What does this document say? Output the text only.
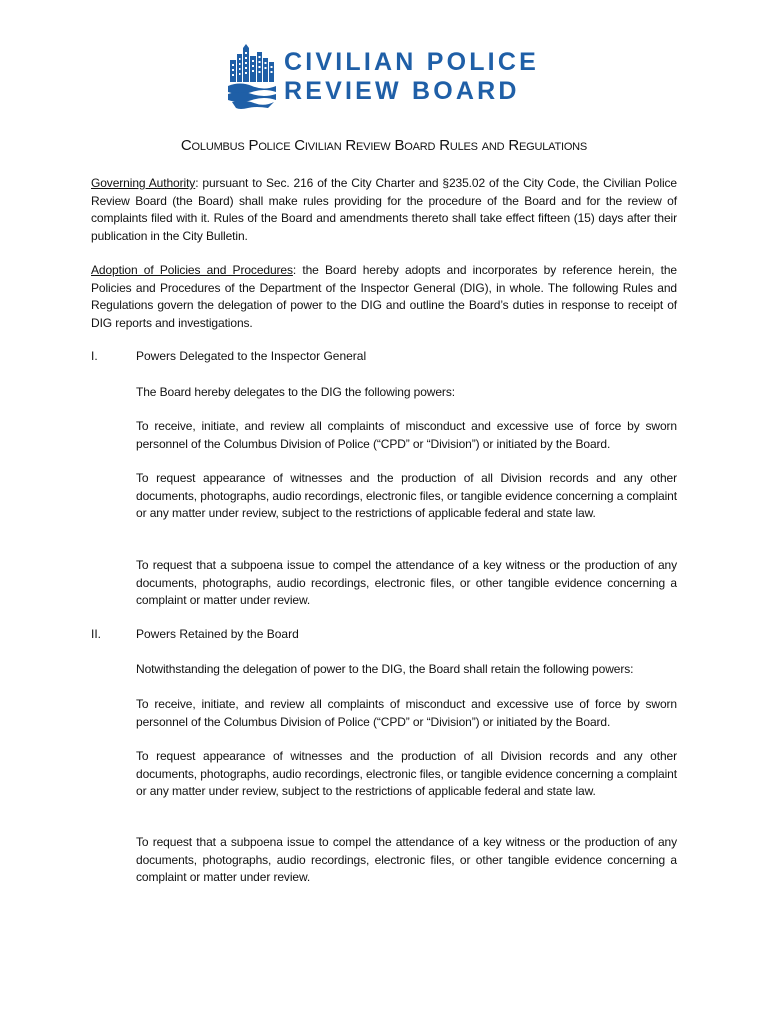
CIVILIAN POLICE
REVIEW BOARD
Columbus Police Civilian Review Board Rules and Regulations
Governing Authority: pursuant to Sec. 216 of the City Charter and §235.02 of the City Code, the Civilian Police Review Board (the Board) shall make rules providing for the procedure of the Board and for the review of complaints filed with it. Rules of the Board and amendments thereto shall take effect fifteen (15) days after their publication in the City Bulletin.
Adoption of Policies and Procedures: the Board hereby adopts and incorporates by reference herein, the Policies and Procedures of the Department of the Inspector General (DIG), in whole. The following Rules and Regulations govern the delegation of power to the DIG and outline the Board’s duties in response to receipt of DIG reports and investigations.
I.	Powers Delegated to the Inspector General
The Board hereby delegates to the DIG the following powers:
To receive, initiate, and review all complaints of misconduct and excessive use of force by sworn personnel of the Columbus Division of Police (“CPD” or “Division”) or initiated by the Board.
To request appearance of witnesses and the production of all Division records and any other documents, photographs, audio recordings, electronic files, or tangible evidence concerning a complaint or any matter under review, subject to the restrictions of applicable federal and state law.
To request that a subpoena issue to compel the attendance of a key witness or the production of any documents, photographs, audio recordings, electronic files, or other tangible evidence concerning a complaint or matter under review.
II.	Powers Retained by the Board
Notwithstanding the delegation of power to the DIG, the Board shall retain the following powers:
To receive, initiate, and review all complaints of misconduct and excessive use of force by sworn personnel of the Columbus Division of Police (“CPD” or “Division”) or initiated by the Board.
To request appearance of witnesses and the production of all Division records and any other documents, photographs, audio recordings, electronic files, or tangible evidence concerning a complaint or any matter under review, subject to the restrictions of applicable federal and state law.
To request that a subpoena issue to compel the attendance of a key witness or the production of any documents, photographs, audio recordings, electronic files, or other tangible evidence concerning a complaint or matter under review.
